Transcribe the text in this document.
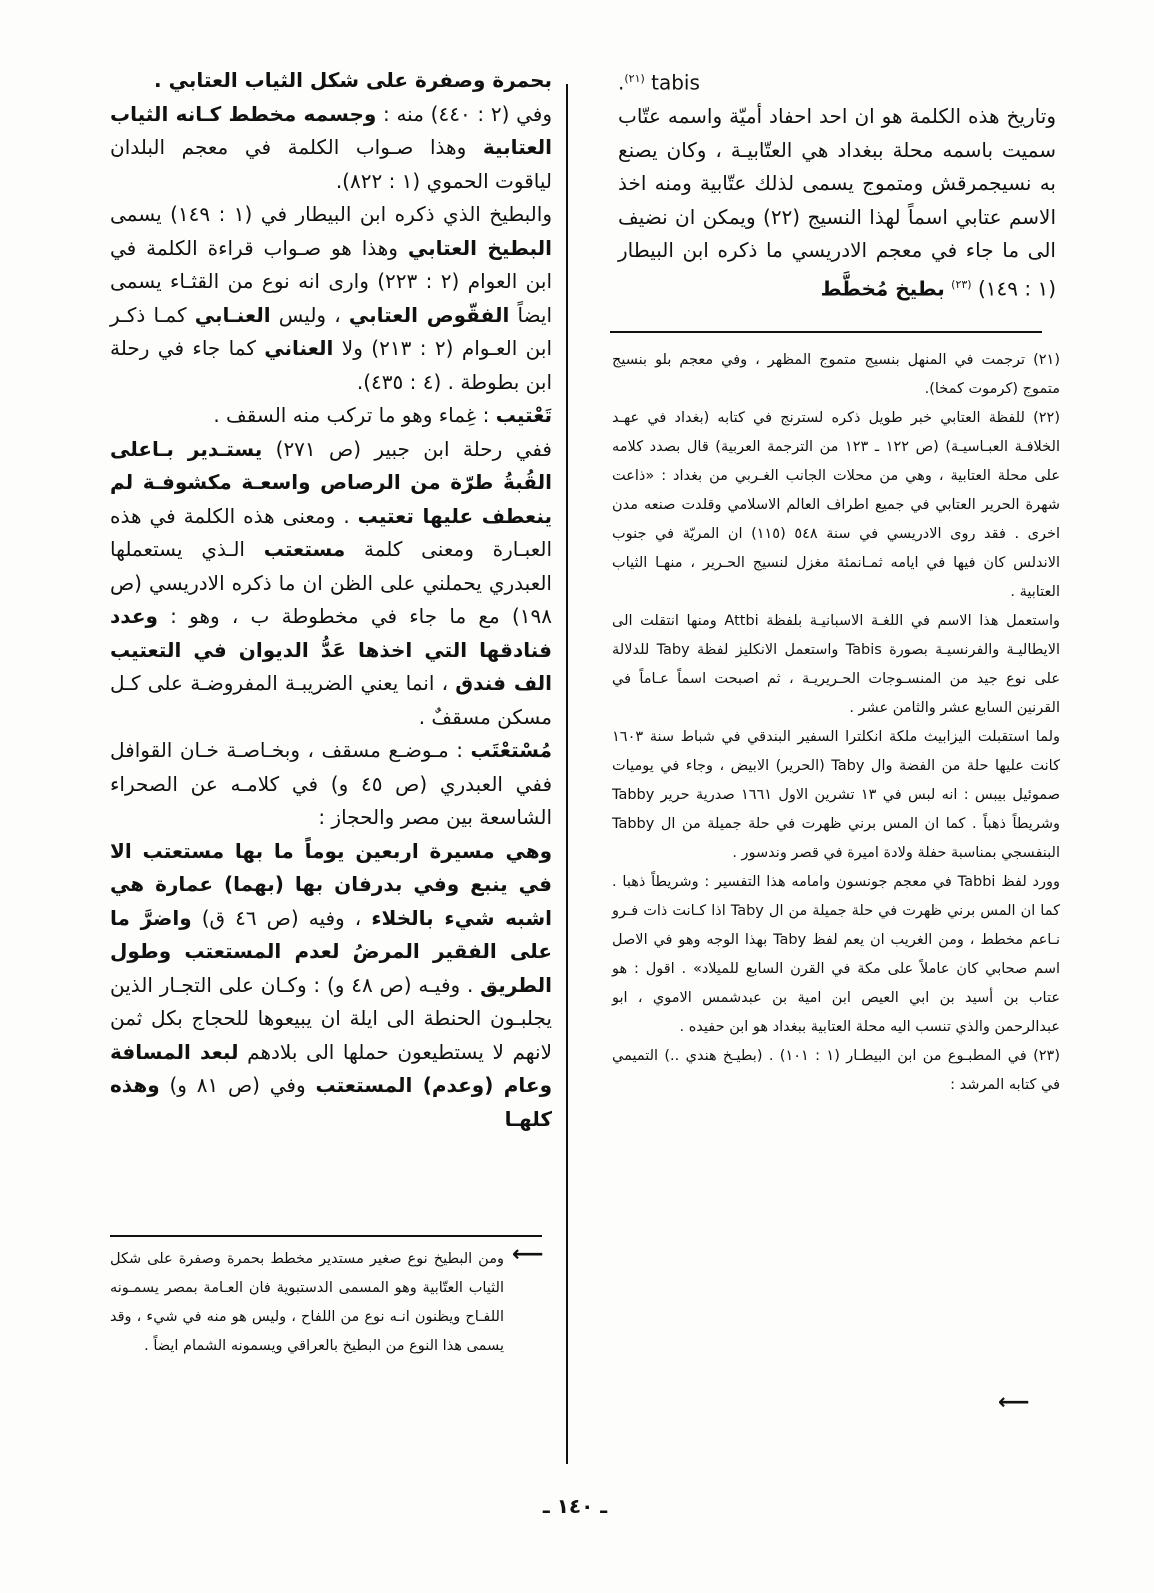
tabis $^{(٢١)}$.

وتاريخ هذه الكلمة هو ان احد احفاد أميّة واسمه عتّاب سميت باسمه محلة ببغداد هي العتّابيـة ، وكان يصنع به نسيجمرقش ومتموج يسمى لذلك عتّابية ومنه اخذ الاسم عتابي اسماً لهذا النسيج (٢٢) ويمكن ان نضيف الى ما جاء في معجم الادريسي ما ذكره ابن البيطار (١ : ١٤٩) $^{(٢٣)}$ بطيخ مُخطَّط

(٢١) ترجمت في المنهل بنسيج متموج المظهر ، وفي معجم بلو بنسيج متموج (كرموت كمخا).

(٢٢) للفظة العتابي خبر طويل ذكره لسترنج في كتابه (بغداد في عهـد الخلافـة العبـاسيـة) (ص ١٢٢ ـ ١٢٣ من الترجمة العربية) قال بصدد كلامه على محلة العتابية ، وهي من محلات الجانب الغـربي من بغداد : «ذاعت شهرة الحرير العتابي في جميع اطراف العالم الاسلامي وقلدت صنعه مدن اخرى . فقد روى الادريسي في سنة ٥٤٨ (١١٥) ان المريّة في جنوب الاندلس كان فيها في ايامه ثمـانمئة مغزل لنسيج الحـرير ، منهـا الثياب العتابية .

واستعمل هذا الاسم في اللغـة الاسبانيـة بلفظة Attbi ومنها انتقلت الى الايطاليـة والفرنسيـة بصورة Tabis واستعمل الانكليز لفظة Taby للدلالة على نوع جيد من المنسـوجات الحـريريـة ، ثم اصبحت اسماً عـاماً في القرنين السابع عشر والثامن عشر .

ولما استقبلت اليزابيث ملكة انكلترا السفير البندقي في شباط سنة ١٦٠٣ كانت عليها حلة من الفضة وال Taby (الحرير) الابيض ، وجاء في يوميات صموئيل بيبس : انه لبس في ١٣ تشرين الاول ١٦٦١ صدرية حرير Tabby وشريطاً ذهباً . كما ان المس برني ظهرت في حلة جميلة من ال Tabby البنفسجي بمناسبة حفلة ولادة اميرة في قصر وندسور .

وورد لفظ Tabbi في معجم جونسون وامامه هذا التفسير : وشريطاً ذهبا . كما ان المس برني ظهرت في حلة جميلة من ال Taby اذا كـانت ذات فـرو نـاعم مخطط ، ومن الغريب ان يعم لفظ Taby بهذا الوجه وهو في الاصل اسم صحابي كان عاملاً على مكة في القرن السابع للميلاد» . اقول : هو عتاب بن أسيد بن ابي العيص ابن امية بن عبدشمس الاموي ، ابو عبدالرحمن والذي تنسب اليه محلة العتابية ببغداد هو ابن حفيده .

(٢٣) في المطبـوع من ابن البيطـار (١ : ١٠١) . (بطيـخ هندي ..) التميمي في كتابه المرشد :

⟵

بحمرة وصفرة على شكل الثياب العتابي .

وفي (٢ : ٤٤٠) منه : وجسمه مخطط كـانه الثياب العتابية وهذا صـواب الكلمة في معجم البلدان لياقوت الحموي (١ : ٨٢٢).

والبطيخ الذي ذكره ابن البيطار في (١ : ١٤٩) يسمى البطيخ العتابي وهذا هو صـواب قراءة الكلمة في ابن العوام (٢ : ٢٢٣) وارى انه نوع من القثـاء يسمى ايضاً الفقّوص العتابي ، وليس العنـابي كمـا ذكـر ابن العـوام (٢ : ٢١٣) ولا العناني كما جاء في رحلة ابن بطوطة . (٤ : ٤٣٥).

تَعْتيب : غِماء وهو ما تركب منه السقف .

ففي رحلة ابن جبير (ص ٢٧١) يستـدير بـاعلى القُبةُ طرّة من الرصاص واسعـة مكشوفـة لم ينعطف عليها تعتيب . ومعنى هذه الكلمة في هذه العبـارة ومعنى كلمة مستعتب الـذي يستعملها العبدري يحملني على الظن ان ما ذكره الادريسي (ص ١٩٨) مع ما جاء في مخطوطة ب ، وهو : وعدد فنادقها التي اخذها عَدُّ الديوان في التعتيب الف فندق ، انما يعني الضريبـة المفروضـة على كـل مسكن مسقفٌ .

مُسْتعْتَب : مـوضـع مسقف ، وبخـاصـة خـان القوافل ففي العبدري (ص ٤٥ و) في كلامـه عن الصحراء الشاسعة بين مصر والحجاز :

وهي مسيرة اربعين يوماً ما بها مستعتب الا في ينبع وفي بدرفان بها (بهما) عمارة هي اشبه شيء بالخلاء ، وفيه (ص ٤٦ ق) واضرَّ ما على الفقير المرضُ لعدم المستعتب وطول الطريق . وفيـه (ص ٤٨ و) : وكـان على التجـار الذين يجلبـون الحنطة الى ايلة ان يبيعوها للحجاج بكل ثمن لانهم لا يستطيعون حملها الى بلادهم لبعد المسافة وعام (وعدم) المستعتب وفي (ص ٨١ و) وهذه كلهـا

⟵

ومن البطيخ نوع صغير مستدير مخطط بحمرة وصفرة على شكل الثياب العتّابية وهو المسمى الدستبوية فان العـامة بمصر يسمـونه اللفـاح ويظنون انـه نوع من اللفاح ، وليس هو منه في شيء ، وقد يسمى هذا النوع من البطيخ بالعراقي ويسمونه الشمام ايضاً .

ـ ١٤٠ ـ
